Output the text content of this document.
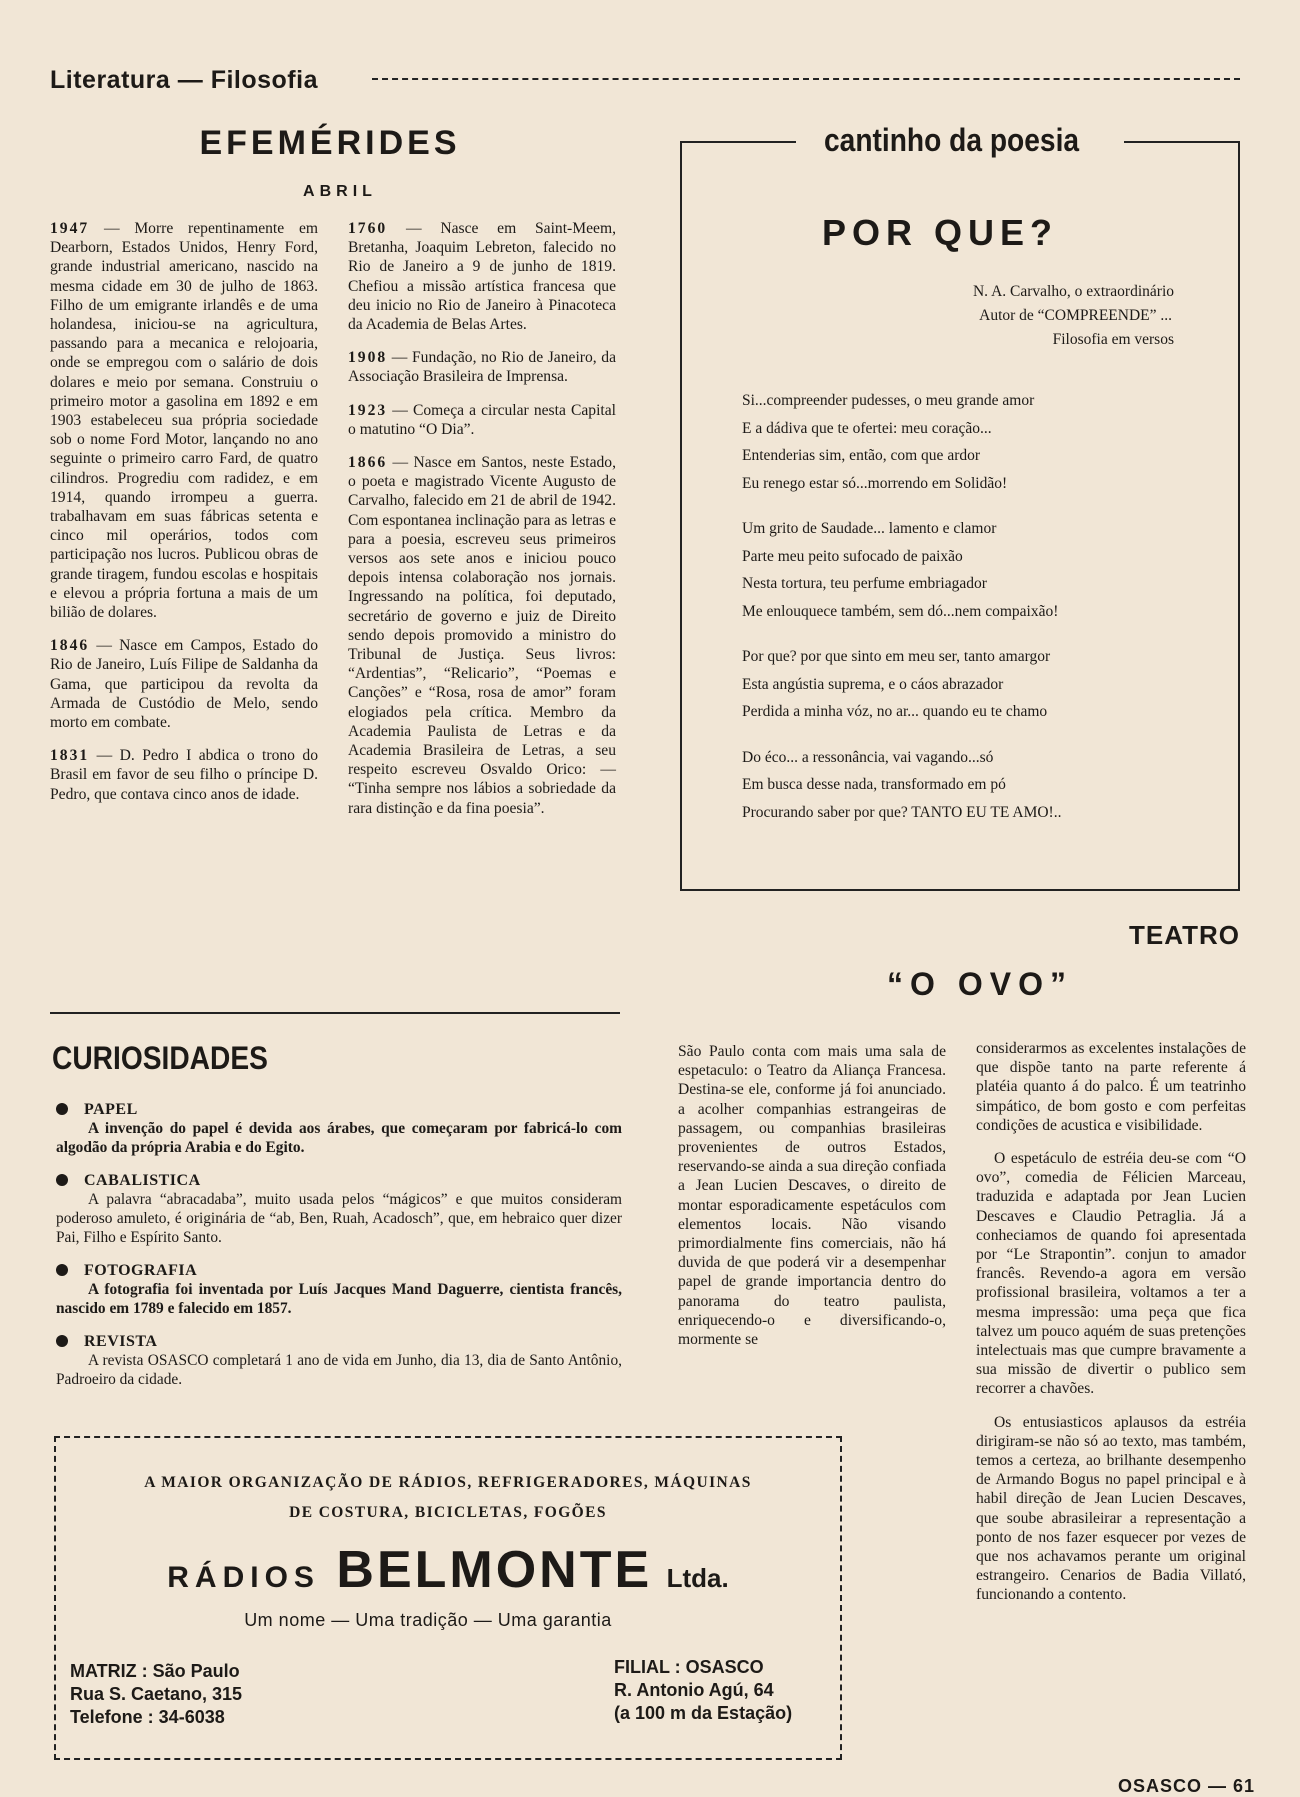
Literatura — Filosofia
EFEMÉRIDES
ABRIL

1947 — Morre repentinamente em Dearborn, Estados Unidos, Henry Ford, grande industrial americano, nascido na mesma cidade em 30 de julho de 1863. Filho de um emigrante irlandês e de uma holandesa, iniciou-se na agricultura, passando para a mecanica e relojoaria, onde se empregou com o salário de dois dolares e meio por semana. Construiu o primeiro motor a gasolina em 1892 e em 1903 estabeleceu sua própria sociedade sob o nome Ford Motor, lançando no ano seguinte o primeiro carro Fard, de quatro cilindros. Progrediu com radidez, e em 1914, quando irrompeu a guerra. trabalhavam em suas fábricas setenta e cinco mil operários, todos com participação nos lucros. Publicou obras de grande tiragem, fundou escolas e hospitais e elevou a própria fortuna a mais de um bilião de dolares.

1846 — Nasce em Campos, Estado do Rio de Janeiro, Luís Filipe de Saldanha da Gama, que participou da revolta da Armada de Custódio de Melo, sendo morto em combate.

1831 — D. Pedro I abdica o trono do Brasil em favor de seu filho o príncipe D. Pedro, que contava cinco anos de idade.

1760 — Nasce em Saint-Meem, Bretanha, Joaquim Lebreton, falecido no Rio de Janeiro a 9 de junho de 1819. Chefiou a missão artística francesa que deu inicio no Rio de Janeiro à Pinacoteca da Academia de Belas Artes.

1908 — Fundação, no Rio de Janeiro, da Associação Brasileira de Imprensa.

1923 — Começa a circular nesta Capital o matutino “O Dia”.

1866 — Nasce em Santos, neste Estado, o poeta e magistrado Vicente Augusto de Carvalho, falecido em 21 de abril de 1942. Com espontanea inclinação para as letras e para a poesia, escreveu seus primeiros versos aos sete anos e iniciou pouco depois intensa colaboração nos jornais. Ingressando na política, foi deputado, secretário de governo e juiz de Direito sendo depois promovido a ministro do Tribunal de Justiça. Seus livros: “Ardentias”, “Relicario”, “Poemas e Canções” e “Rosa, rosa de amor” foram elogiados pela crítica. Membro da Academia Paulista de Letras e da Academia Brasileira de Letras, a seu respeito escreveu Osvaldo Orico: — “Tinha sempre nos lábios a sobriedade da rara distinção e da fina poesia”.

cantinho da poesia
POR QUE?
N. A. Carvalho, o extraordinário
Autor de “COMPREENDE” ...
Filosofia em versos
Si...compreender pudesses, o meu grande amor
E a dádiva que te ofertei: meu coração...
Entenderias sim, então, com que ardor
Eu renego estar só...morrendo em Solidão!
Um grito de Saudade... lamento e clamor
Parte meu peito sufocado de paixão
Nesta tortura, teu perfume embriagador
Me enlouquece também, sem dó...nem compaixão!
Por que? por que sinto em meu ser, tanto amargor
Esta angústia suprema, e o cáos abrazador
Perdida a minha vóz, no ar... quando eu te chamo
Do éco... a ressonância, vai vagando...só
Em busca desse nada, transformado em pó
Procurando saber por que? TANTO EU TE AMO!..
TEATRO
“O OVO”
São Paulo conta com mais uma sala de espetaculo: o Teatro da Aliança Francesa. Destina-se ele, conforme já foi anunciado. a acolher companhias estrangeiras de passagem, ou companhias brasileiras provenientes de outros Estados, reservando-se ainda a sua direção confiada a Jean Lucien Descaves, o direito de montar esporadicamente espetáculos com elementos locais. Não visando primordialmente fins comerciais, não há duvida de que poderá vir a desempenhar papel de grande importancia dentro do panorama do teatro paulista, enriquecendo-o e diversificando-o, mormente se

considerarmos as excelentes instalações de que dispõe tanto na parte referente á platéia quanto á do palco. É um teatrinho simpático, de bom gosto e com perfeitas condições de acustica e visibilidade.

O espetáculo de estréia deu-se com “O ovo”, comedia de Félicien Marceau, traduzida e adaptada por Jean Lucien Descaves e Claudio Petraglia. Já a conheciamos de quando foi apresentada por “Le Strapontin”. conjun to amador francês. Revendo-a agora em versão profissional brasileira, voltamos a ter a mesma impressão: uma peça que fica talvez um pouco aquém de suas pretenções intelectuais mas que cumpre bravamente a sua missão de divertir o publico sem recorrer a chavões.

Os entusiasticos aplausos da estréia dirigiram-se não só ao texto, mas também, temos a certeza, ao brilhante desempenho de Armando Bogus no papel principal e à habil direção de Jean Lucien Descaves, que soube abrasileirar a representação a ponto de nos fazer esquecer por vezes de que nos achavamos perante um original estrangeiro. Cenarios de Badia Villató, funcionando a contento.

CURIOSIDADES
PAPEL
A invenção do papel é devida aos árabes, que começaram por fabricá-lo com algodão da própria Arabia e do Egito.
CABALISTICA
A palavra “abracadaba”, muito usada pelos “mágicos” e que muitos consideram poderoso amuleto, é originária de “ab, Ben, Ruah, Acadosch”, que, em hebraico quer dizer Pai, Filho e Espírito Santo.
FOTOGRAFIA
A fotografia foi inventada por Luís Jacques Mand Daguerre, cientista francês, nascido em 1789 e falecido em 1857.
REVISTA
A revista OSASCO completará 1 ano de vida em Junho, dia 13, dia de Santo Antônio, Padroeiro da cidade.
A MAIOR ORGANIZAÇÃO DE RÁDIOS, REFRIGERADORES, MÁQUINAS
DE COSTURA, BICICLETAS, FOGÕES
RÁDIOS BELMONTE Ltda.
Um nome — Uma tradição — Uma garantia
MATRIZ : São Paulo
Rua S. Caetano, 315
Telefone : 34-6038
FILIAL : OSASCO
R. Antonio Agú, 64
(a 100 m da Estação)
OSASCO — 61
